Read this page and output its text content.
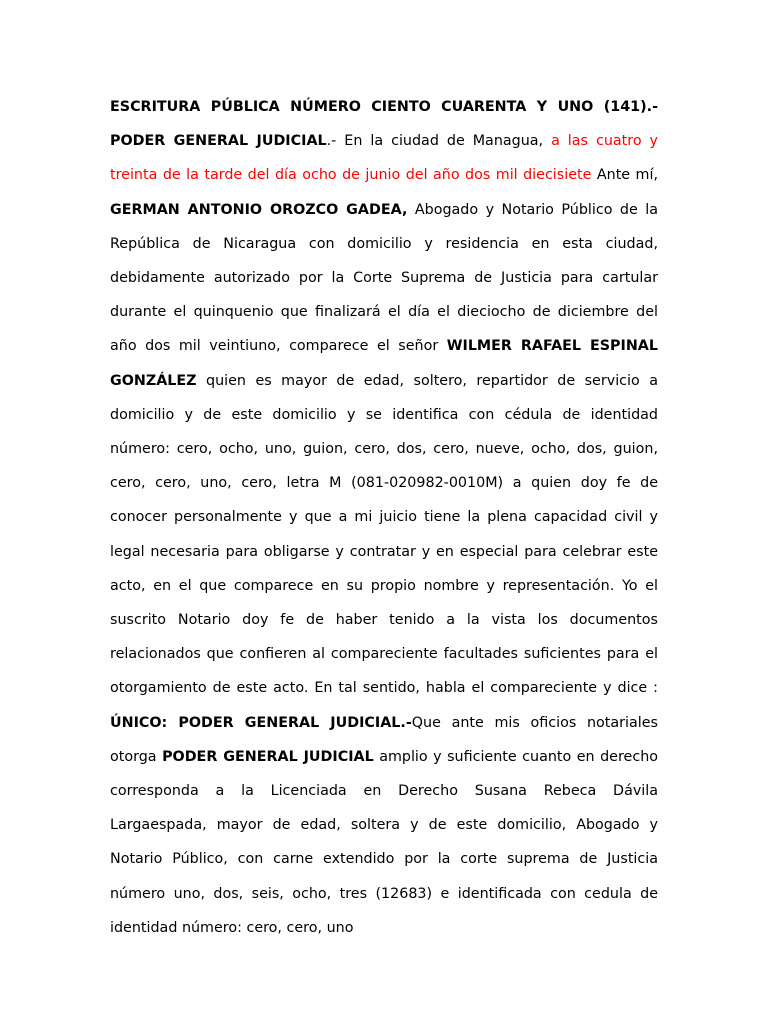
ESCRITURA PÚBLICA NÚMERO CIENTO CUARENTA Y UNO (141).- PODER GENERAL JUDICIAL.- En la ciudad de Managua, a las cuatro y treinta de la tarde del día ocho de junio del año dos mil diecisiete Ante mí, GERMAN ANTONIO OROZCO GADEA, Abogado y Notario Público de la República de Nicaragua con domicilio y residencia en esta ciudad, debidamente autorizado por la Corte Suprema de Justicia para cartular durante el quinquenio que finalizará el día el dieciocho de diciembre del año dos mil veintiuno, comparece el señor WILMER RAFAEL ESPINAL GONZÁLEZ quien es mayor de edad, soltero, repartidor de servicio a domicilio y de este domicilio y se identifica con cédula de identidad número: cero, ocho, uno, guion, cero, dos, cero, nueve, ocho, dos, guion, cero, cero, uno, cero, letra M (081-020982-0010M) a quien doy fe de conocer personalmente y que a mi juicio tiene la plena capacidad civil y legal necesaria para obligarse y contratar y en especial para celebrar este acto, en el que comparece en su propio nombre y representación. Yo el suscrito Notario doy fe de haber tenido a la vista los documentos relacionados que confieren al compareciente facultades suficientes para el otorgamiento de este acto. En tal sentido, habla el compareciente y dice : ÚNICO: PODER GENERAL JUDICIAL.-Que ante mis oficios notariales otorga PODER GENERAL JUDICIAL amplio y suficiente cuanto en derecho corresponda a la Licenciada en Derecho Susana Rebeca Dávila Largaespada, mayor de edad, soltera y de este domicilio, Abogado y Notario Público, con carne extendido por la corte suprema de Justicia número uno, dos, seis, ocho, tres (12683) e identificada con cedula de identidad número: cero, cero, uno
